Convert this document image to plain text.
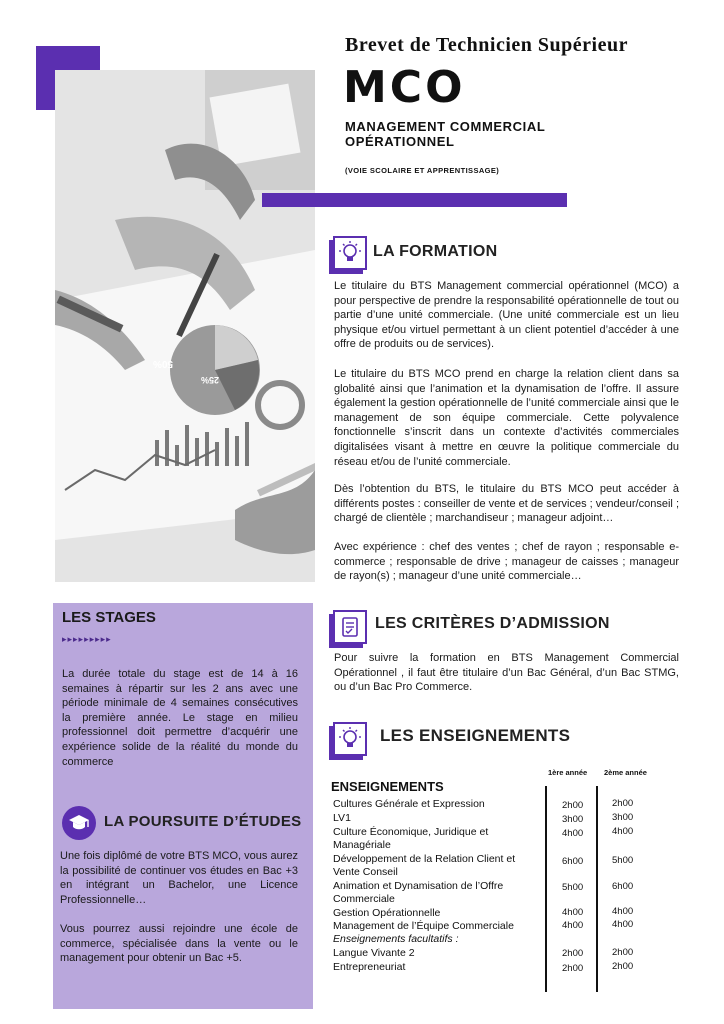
50%
25%
Brevet de Technicien Supérieur
MCO
MANAGEMENT COMMERCIAL
OPÉRATIONNEL
(VOIE SCOLAIRE ET APPRENTISSAGE)
LA FORMATION

Le titulaire du BTS Management commercial opérationnel (MCO) a pour perspective de prendre la responsabilité opérationnelle de tout ou partie d’une unité commerciale. (Une unité commerciale est un lieu physique et/ou virtuel permettant à un client potentiel d’accéder à une offre de produits ou de services).

Le titulaire du BTS MCO prend en charge la relation client dans sa globalité ainsi que l’animation et la dynamisation de l’offre. Il assure également la gestion opérationnelle de l’unité commerciale ainsi que le management de son équipe commerciale. Cette polyvalence fonctionnelle s’inscrit dans un contexte d’activités commerciales digitalisées visant à mettre en œuvre la politique commerciale du réseau et/ou de l’unité commerciale.

Dès l’obtention du BTS, le titulaire du BTS MCO peut accéder à différents postes : conseiller de vente et de services ; vendeur/conseil ; chargé de clientèle ; marchandiseur ; manageur adjoint…

Avec expérience : chef des ventes ; chef de rayon ; responsable e-commerce ; responsable de drive ; manageur de caisses ; manageur de rayon(s) ; manageur d’une unité commerciale…

LES STAGES
▸▸▸▸▸▸▸▸▸

La durée totale du stage est de 14 à 16 semaines à répartir sur les 2 ans avec une période minimale de 4 semaines consécutives la première année. Le stage en milieu professionnel doit permettre d’acquérir une expérience solide de la réalité du monde du commerce

LA POURSUITE D’ÉTUDES

Une fois diplômé de votre BTS MCO, vous aurez la possibilité de continuer vos études en Bac +3 en intégrant un Bachelor, une Licence Professionnelle…

Vous pourrez aussi rejoindre une école de commerce, spécialisée dans la vente ou le management pour obtenir un Bac +5.

LES CRITÈRES D’ADMISSION

Pour suivre la formation en BTS Management Commercial Opérationnel , il faut être titulaire d’un Bac Général, d’un Bac STMG, ou d’un Bac Pro Commerce.

LES ENSEIGNEMENTS
1ère année 2ème année
ENSEIGNEMENTS
Cultures Générale et Expression	2h00	2h00
LV1	3h00	3h00
Culture Économique, Juridique et Managériale
4h00	4h00
Développement de la Relation Client et Vente Conseil
6h00	5h00
Animation et Dynamisation de l’Offre Commerciale
5h00	6h00
Gestion Opérationnelle	4h00	4h00
Management de l’Équipe Commerciale	4h00	4h00
Enseignements facultatifs :
Langue Vivante 2	2h00	2h00
Entrepreneuriat	2h00	2h00
